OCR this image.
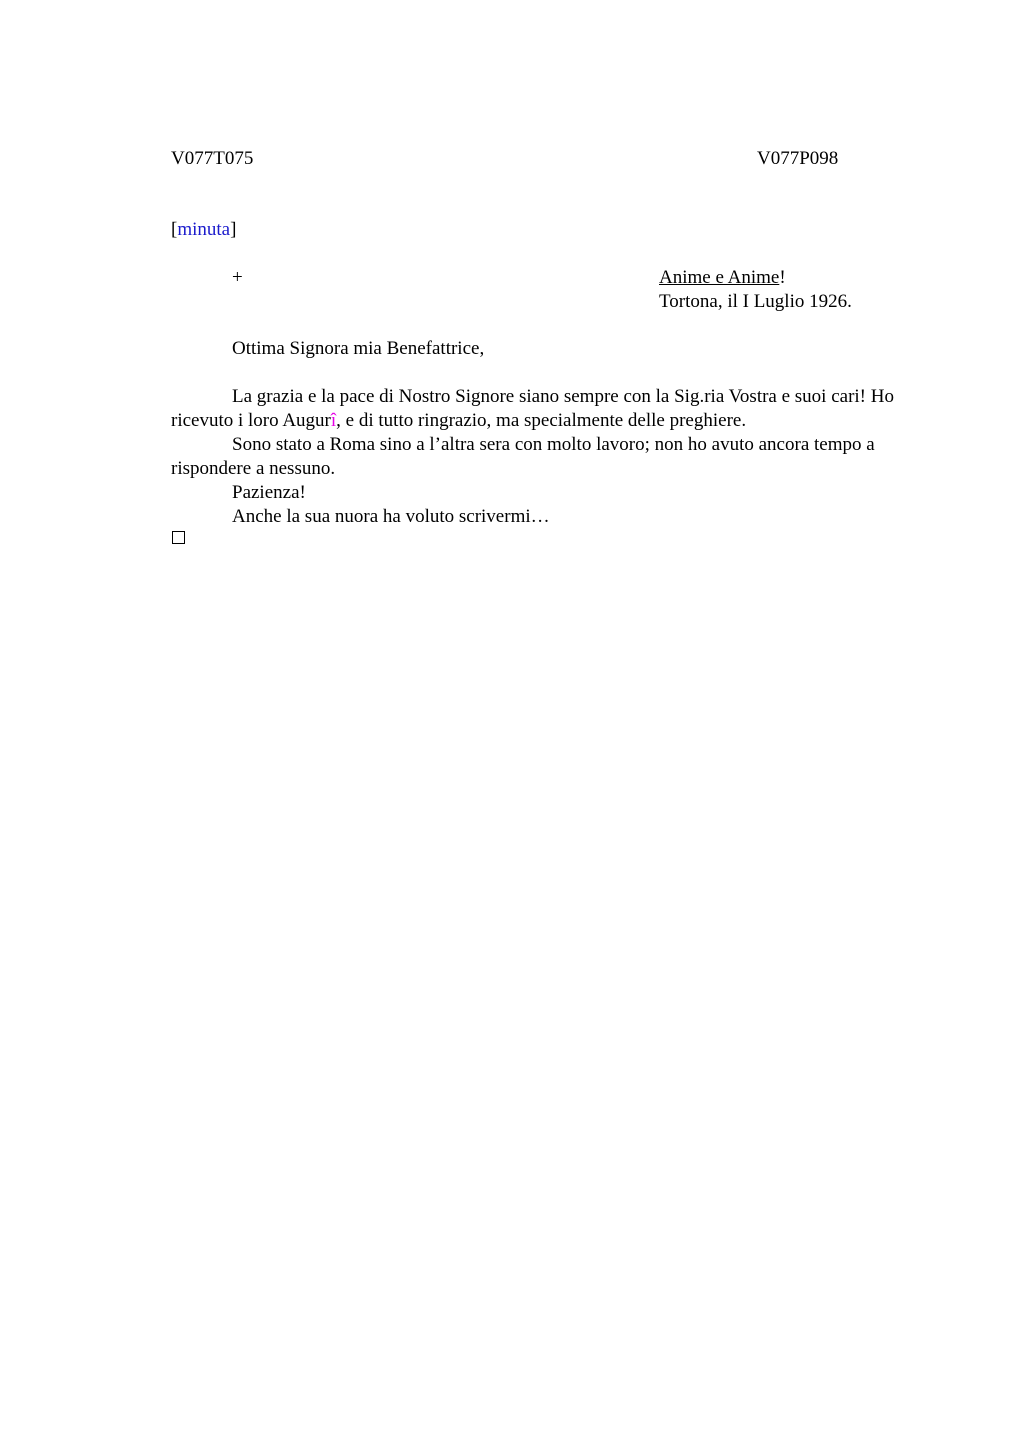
V077T075	V077P098
[minuta]
+	Anime e Anime!
Tortona, il I Luglio 1926.
Ottima Signora mia Benefattrice,

La grazia e la pace di Nostro Signore siano sempre con la Sig.ria Vostra e suoi cari! Ho ricevuto i loro Augurî, e di tutto ringrazio, ma specialmente delle preghiere.

Sono stato a Roma sino a l’altra sera con molto lavoro; non ho avuto ancora tempo a rispondere a nessuno.

Pazienza!

Anche la sua nuora ha voluto scrivermi…
